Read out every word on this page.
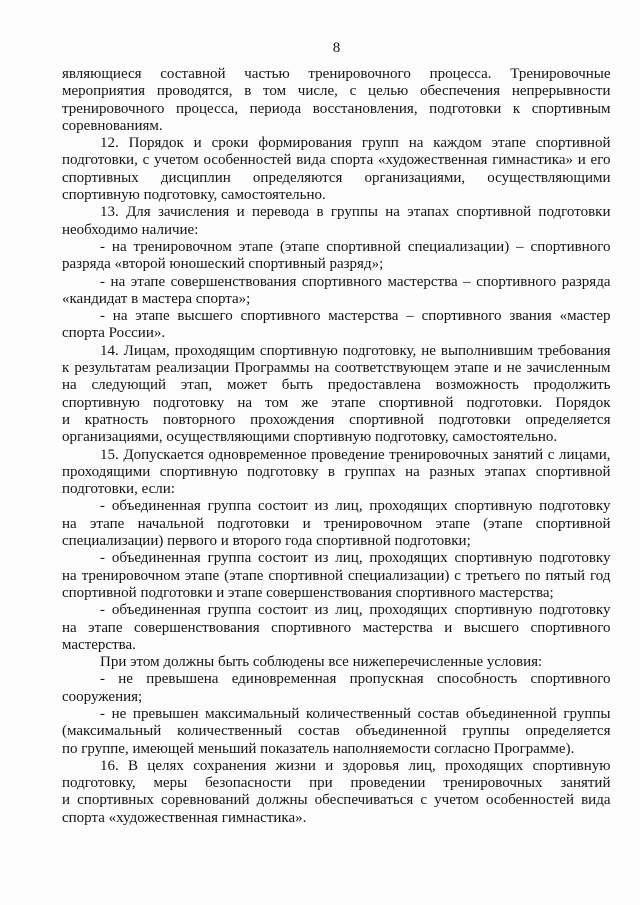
8
являющиеся составной частью тренировочного процесса. Тренировочные
мероприятия проводятся, в том числе, с целью обеспечения непрерывности
тренировочного процесса, периода восстановления, подготовки к спортивным
соревнованиям.
12. Порядок и сроки формирования групп на каждом этапе спортивной
подготовки, с учетом особенностей вида спорта «художественная гимнастика» и его
спортивных дисциплин определяются организациями, осуществляющими
спортивную подготовку, самостоятельно.
13. Для зачисления и перевода в группы на этапах спортивной подготовки
необходимо наличие:
- на тренировочном этапе (этапе спортивной специализации) – спортивного
разряда «второй юношеский спортивный разряд»;
- на этапе совершенствования спортивного мастерства – спортивного разряда
«кандидат в мастера спорта»;
- на этапе высшего спортивного мастерства – спортивного звания «мастер
спорта России».
14. Лицам, проходящим спортивную подготовку, не выполнившим требования
к результатам реализации Программы на соответствующем этапе и не зачисленным
на следующий этап, может быть предоставлена возможность продолжить
спортивную подготовку на том же этапе спортивной подготовки. Порядок
и кратность повторного прохождения спортивной подготовки определяется
организациями, осуществляющими спортивную подготовку, самостоятельно.
15. Допускается одновременное проведение тренировочных занятий с лицами,
проходящими спортивную подготовку в группах на разных этапах спортивной
подготовки, если:
- объединенная группа состоит из лиц, проходящих спортивную подготовку
на этапе начальной подготовки и тренировочном этапе (этапе спортивной
специализации) первого и второго года спортивной подготовки;
- объединенная группа состоит из лиц, проходящих спортивную подготовку
на тренировочном этапе (этапе спортивной специализации) с третьего по пятый год
спортивной подготовки и этапе совершенствования спортивного мастерства;
- объединенная группа состоит из лиц, проходящих спортивную подготовку
на этапе совершенствования спортивного мастерства и высшего спортивного
мастерства.
При этом должны быть соблюдены все нижеперечисленные условия:
- не превышена единовременная пропускная способность спортивного
сооружения;
- не превышен максимальный количественный состав объединенной группы
(максимальный количественный состав объединенной группы определяется
по группе, имеющей меньший показатель наполняемости согласно Программе).
16. В целях сохранения жизни и здоровья лиц, проходящих спортивную
подготовку, меры безопасности при проведении тренировочных занятий
и спортивных соревнований должны обеспечиваться с учетом особенностей вида
спорта «художественная гимнастика».
